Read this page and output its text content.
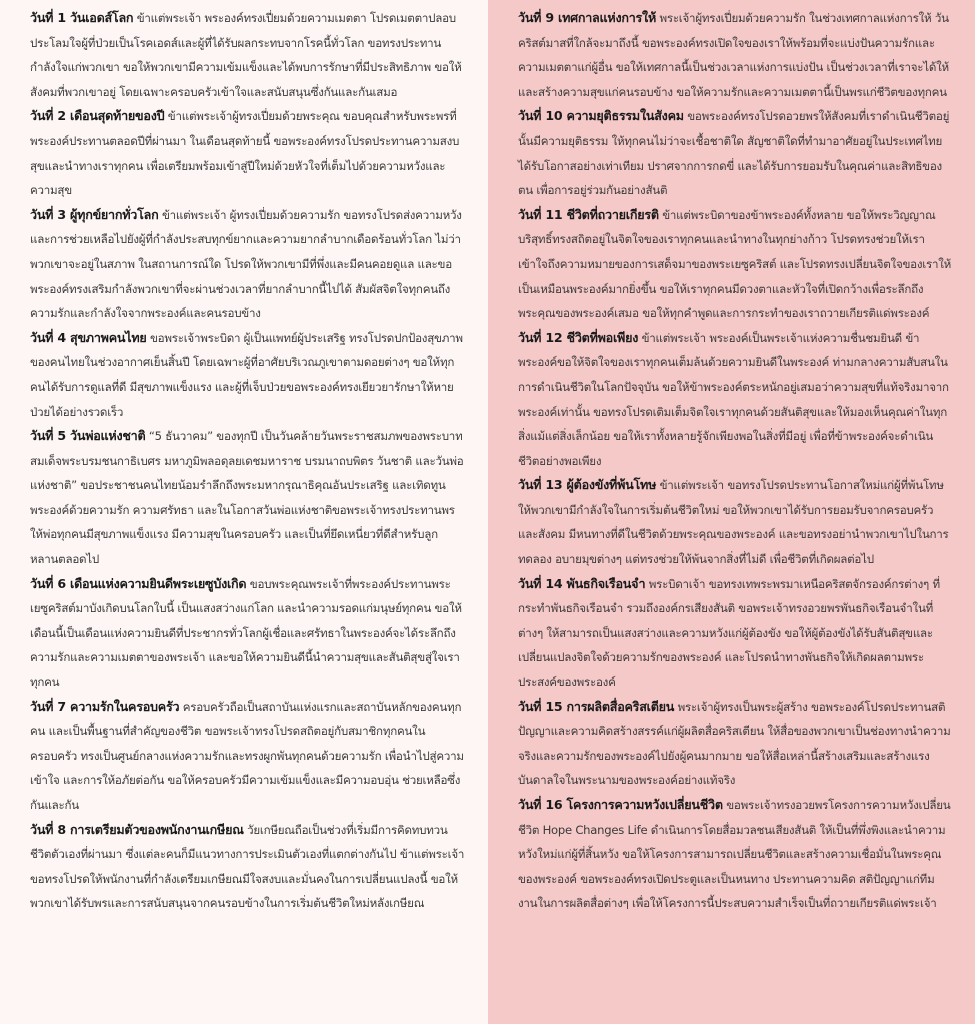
วันที่ 1 วันเอดส์โลก ข้าแต่พระเจ้า พระองค์ทรงเปี่ยมด้วยความเมตตา โปรดเมตตาปลอบประโลมใจผู้ที่ป่วยเป็นโรคเอดส์และผู้ที่ได้รับผลกระทบจากโรคนี้ทั่วโลก ขอทรงประทานกำลังใจแก่พวกเขา ขอให้พวกเขามีความเข้มแข็งและได้พบการรักษาที่มีประสิทธิภาพ ขอให้สังคมที่พวกเขาอยู่ โดยเฉพาะครอบครัวเข้าใจและสนับสนุนซึ่งกันและกันเสมอ

วันที่ 2 เดือนสุดท้ายของปี ข้าแต่พระเจ้าผู้ทรงเปี่ยมด้วยพระคุณ ขอบคุณสำหรับพระพรที่พระองค์ประทานตลอดปีที่ผ่านมา ในเดือนสุดท้ายนี้ ขอพระองค์ทรงโปรดประทานความสงบสุขและนำทางเราทุกคน เพื่อเตรียมพร้อมเข้าสู่ปีใหม่ด้วยหัวใจที่เต็มไปด้วยความหวังและความสุข

วันที่ 3 ผู้ทุกข์ยากทั่วโลก ข้าแต่พระเจ้า ผู้ทรงเปี่ยมด้วยความรัก ขอทรงโปรดส่งความหวังและการช่วยเหลือไปยังผู้ที่กำลังประสบทุกข์ยากและความยากลำบากเดือดร้อนทั่วโลก ไม่ว่าพวกเขาจะอยู่ในสภาพ ในสถานการณ์ใด โปรดให้พวกเขามีที่พึ่งและมีคนคอยดูแล และขอพระองค์ทรงเสริมกำลังพวกเขาที่จะผ่านช่วงเวลาที่ยากลำบากนี้ไปได้ สัมผัสจิตใจทุกคนถึงความรักและกำลังใจจากพระองค์และคนรอบข้าง

วันที่ 4 สุขภาพคนไทย ขอพระเจ้าพระบิดา ผู้เป็นแพทย์ผู้ประเสริฐ ทรงโปรดปกป้องสุขภาพของคนไทยในช่วงอากาศเย็นสิ้นปี โดยเฉพาะผู้ที่อาศัยบริเวณภูเขาตามดอยต่างๆ ขอให้ทุกคนได้รับการดูแลที่ดี มีสุขภาพแข็งแรง และผู้ที่เจ็บป่วยขอพระองค์ทรงเยียวยารักษาให้หายป่วยได้อย่างรวดเร็ว

วันที่ 5 วันพ่อแห่งชาติ “5 ธันวาคม” ของทุกปี เป็นวันคล้ายวันพระราชสมภพของพระบาทสมเด็จพระบรมชนกาธิเบศร มหาภูมิพลอดุลยเดชมหาราช บรมนาถบพิตร วันชาติ และวันพ่อแห่งชาติ” ขอประชาชนคนไทยน้อมรำลึกถึงพระมหากรุณาธิคุณอันประเสริฐ และเทิดทูนพระองค์ด้วยความรัก ความศรัทธา และในโอกาสวันพ่อแห่งชาติขอพระเจ้าทรงประทานพรให้พ่อทุกคนมีสุขภาพแข็งแรง มีความสุขในครอบครัว และเป็นที่ยึดเหนี่ยวที่ดีสำหรับลูกหลานตลอดไป

วันที่ 6 เดือนแห่งความยินดีพระเยซูบังเกิด ขอบพระคุณพระเจ้าที่พระองค์ประทานพระเยซูคริสต์มาบังเกิดบนโลกใบนี้ เป็นแสงสว่างแก่โลก และนำความรอดแก่มนุษย์ทุกคน ขอให้เดือนนี้เป็นเดือนแห่งความยินดีที่ประชากรทั่วโลกผู้เชื่อและศรัทธาในพระองค์จะได้ระลึกถึงความรักและความเมตตาของพระเจ้า และขอให้ความยินดีนี้นำความสุขและสันติสุขสู่ใจเราทุกคน

วันที่ 7 ความรักในครอบครัว ครอบครัวถือเป็นสถาบันแห่งแรกและสถาบันหลักของคนทุกคน และเป็นพื้นฐานที่สำคัญของชีวิต ขอพระเจ้าทรงโปรดสถิตอยู่กับสมาชิกทุกคนในครอบครัว ทรงเป็นศูนย์กลางแห่งความรักและทรงผูกพันทุกคนด้วยความรัก เพื่อนำไปสู่ความเข้าใจ และการให้อภัยต่อกัน ขอให้ครอบครัวมีความเข้มแข็งและมีความอบอุ่น ช่วยเหลือซึ่งกันและกัน

วันที่ 8 การเตรียมตัวของพนักงานเกษียณ วัยเกษียณถือเป็นช่วงที่เริ่มมีการคิดทบทวนชีวิตตัวเองที่ผ่านมา ซึ่งแต่ละคนก็มีแนวทางการประเมินตัวเองที่แตกต่างกันไป ข้าแต่พระเจ้าขอทรงโปรดให้พนักงานที่กำลังเตรียมเกษียณมีใจสงบและมั่นคงในการเปลี่ยนแปลงนี้ ขอให้พวกเขาได้รับพรและการสนับสนุนจากคนรอบข้างในการเริ่มต้นชีวิตใหม่หลังเกษียณ

วันที่ 9 เทศกาลแห่งการให้ พระเจ้าผู้ทรงเปี่ยมด้วยความรัก ในช่วงเทศกาลแห่งการให้ วันคริสต์มาสที่ใกล้จะมาถึงนี้ ขอพระองค์ทรงเปิดใจของเราให้พร้อมที่จะแบ่งปันความรักและความเมตตาแก่ผู้อื่น ขอให้เทศกาลนี้เป็นช่วงเวลาแห่งการแบ่งปัน เป็นช่วงเวลาที่เราจะได้ให้และสร้างความสุขแก่คนรอบข้าง ขอให้ความรักและความเมตตานี้เป็นพรแก่ชีวิตของทุกคน

วันที่ 10 ความยุติธรรมในสังคม ขอพระองค์ทรงโปรดอวยพรให้สังคมที่เราดำเนินชีวิตอยู่นั้นมีความยุติธรรม ให้ทุกคนไม่ว่าจะเชื้อชาติใด สัญชาติใดที่ทำมาอาศัยอยู่ในประเทศไทยได้รับโอกาสอย่างเท่าเทียม ปราศจากการกดขี่ และได้รับการยอมรับในคุณค่าและสิทธิของตน เพื่อการอยู่ร่วมกันอย่างสันติ

วันที่ 11 ชีวิตที่ถวายเกียรติ ข้าแต่พระบิดาของข้าพระองค์ทั้งหลาย ขอให้พระวิญญาณบริสุทธิ์ทรงสถิตอยู่ในจิตใจของเราทุกคนและนำทางในทุกย่างก้าว โปรดทรงช่วยให้เราเข้าใจถึงความหมายของการเสด็จมาของพระเยซูคริสต์ และโปรดทรงเปลี่ยนจิตใจของเราให้เป็นเหมือนพระองค์มากยิ่งขึ้น ขอให้เราทุกคนมีดวงตาและหัวใจที่เปิดกว้างเพื่อระลึกถึงพระคุณของพระองค์เสมอ ขอให้ทุกคำพูดและการกระทำของเราถวายเกียรติแด่พระองค์

วันที่ 12 ชีวิตที่พอเพียง ข้าแต่พระเจ้า พระองค์เป็นพระเจ้าแห่งความชื่นชมยินดี ข้าพระองค์ขอให้จิตใจของเราทุกคนเต็มล้นด้วยความยินดีในพระองค์ ท่ามกลางความสับสนในการดำเนินชีวิตในโลกปัจจุบัน ขอให้ข้าพระองค์ตระหนักอยู่เสมอว่าความสุขที่แท้จริงมาจากพระองค์เท่านั้น ขอทรงโปรดเติมเต็มจิตใจเราทุกคนด้วยสันติสุขและให้มองเห็นคุณค่าในทุกสิ่งแม้แต่สิ่งเล็กน้อย ขอให้เราทั้งหลายรู้จักเพียงพอในสิ่งที่มีอยู่ เพื่อที่ข้าพระองค์จะดำเนินชีวิตอย่างพอเพียง

วันที่ 13 ผู้ต้องขังที่พ้นโทษ ข้าแต่พระเจ้า ขอทรงโปรดประทานโอกาสใหม่แก่ผู้ที่พ้นโทษ ให้พวกเขามีกำลังใจในการเริ่มต้นชีวิตใหม่ ขอให้พวกเขาได้รับการยอมรับจากครอบครัวและสังคม มีหนทางที่ดีในชีวิตด้วยพระคุณของพระองค์ และขอทรงอย่านำพวกเขาไปในการทดลอง อบายมุขต่างๆ แต่ทรงช่วยให้พ้นจากสิ่งที่ไม่ดี เพื่อชีวิตที่เกิดผลต่อไป

วันที่ 14 พันธกิจเรือนจำ พระบิดาเจ้า ขอทรงเทพระพรมาเหนือคริสตจักรองค์กรต่างๆ ที่กระทำพันธกิจเรือนจำ รวมถึงองค์กรเสียงสันติ ขอพระเจ้าทรงอวยพรพันธกิจเรือนจำในที่ต่างๆ ให้สามารถเป็นแสงสว่างและความหวังแก่ผู้ต้องขัง ขอให้ผู้ต้องขังได้รับสันติสุขและเปลี่ยนแปลงจิตใจด้วยความรักของพระองค์ และโปรดนำทางพันธกิจให้เกิดผลตามพระประสงค์ของพระองค์

วันที่ 15 การผลิตสื่อคริสเตียน พระเจ้าผู้ทรงเป็นพระผู้สร้าง ขอพระองค์โปรดประทานสติปัญญาและความคิดสร้างสรรค์แก่ผู้ผลิตสื่อคริสเตียน ให้สื่อของพวกเขาเป็นช่องทางนำความจริงและความรักของพระองค์ไปยังผู้คนมากมาย ขอให้สื่อเหล่านี้สร้างเสริมและสร้างแรงบันดาลใจในพระนามของพระองค์อย่างแท้จริง

วันที่ 16 โครงการความหวังเปลี่ยนชีวิต ขอพระเจ้าทรงอวยพรโครงการความหวังเปลี่ยนชีวิต Hope Changes Life ดำเนินการโดยสื่อมวลชนเสียงสันติ ให้เป็นที่พึ่งพิงและนำความหวังใหม่แก่ผู้ที่สิ้นหวัง ขอให้โครงการสามารถเปลี่ยนชีวิตและสร้างความเชื่อมั่นในพระคุณของพระองค์ ขอพระองค์ทรงเปิดประตูและเป็นหนทาง ประทานความคิด สติปัญญาแก่ทีมงานในการผลิตสื่อต่างๆ เพื่อให้โครงการนี้ประสบความสำเร็จเป็นที่ถวายเกียรติแด่พระเจ้า
